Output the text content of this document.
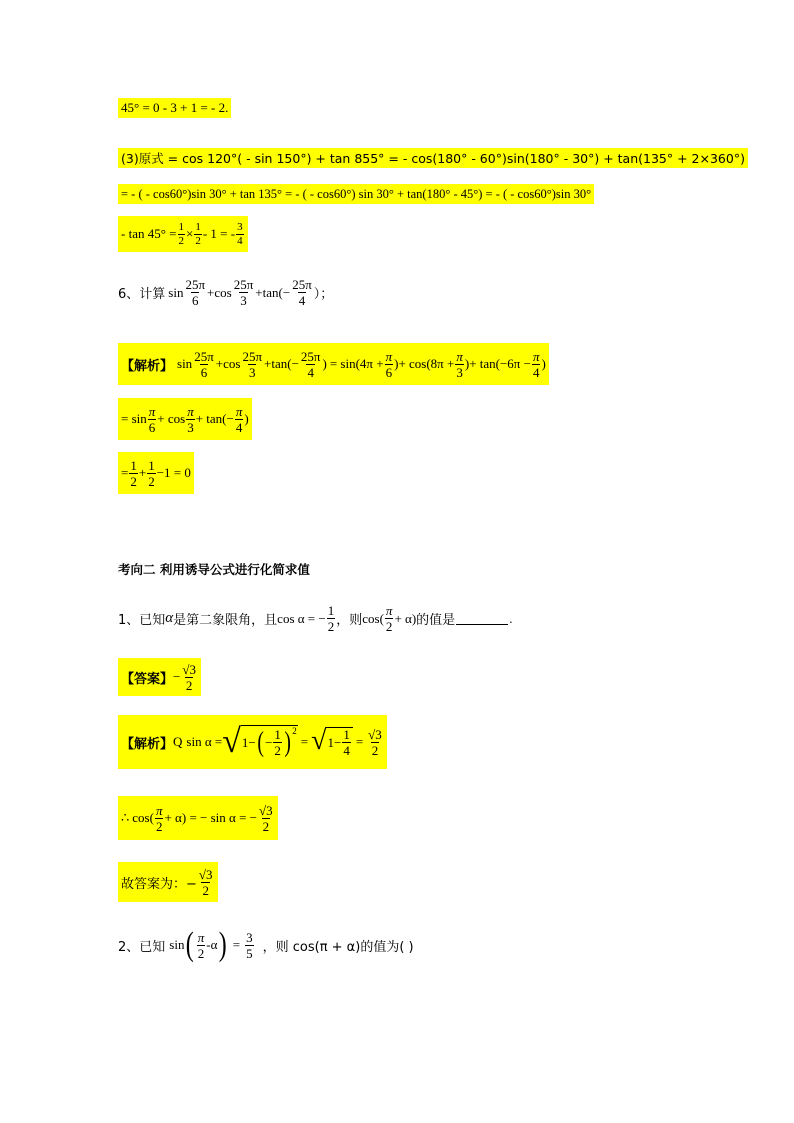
45° = 0 - 3 + 1 = - 2.
(3)原式 = cos 120°( - sin 150°) + tan 855° = - cos(180° - 60°)sin(180° - 30°) + tan(135° + 2×360°)
= - ( - cos60°)sin 30° + tan 135° = - ( - cos60°) sin 30° + tan(180° - 45°) = - ( - cos60°)sin 30°
- $\tan 45^\circ = \frac{1}{2} \times \frac{1}{2} - 1$ = - $\frac{3}{4}$
6、计算 $\sin \frac{25\pi}{6} + \cos \frac{25\pi}{3} + \tan(- \frac{25\pi}{4}$ ）；
【解析】 $\sin \frac{25\pi}{6} + \cos \frac{25\pi}{3} + \tan(- \frac{25\pi}{4}$ ) = $\sin(4\pi + \frac{\pi}{6}$ ) + $\cos(8\pi + \frac{\pi}{3}$ ) + $\tan(-6\pi - \frac{\pi}{4}$ )
= $\sin \frac{\pi}{6} + \cos \frac{\pi}{3} + \tan(- \frac{\pi}{4}$ )
= $\frac{1}{2} + \frac{1}{2} -1 = 0$
考向二 利用诱导公式进行化简求值
1、已知 α 是第二象限角，且 cos α = − $\frac{1}{2}$ ，则 $\cos( \frac{\pi}{2} + \alpha)$ 的值是	.
【答案】 − $\frac{√3}{2}$
【解析】 Q sin α = √ 1− ( − $\frac{1}{2} )^2$
= √ $1- \frac{1}{4} = \frac{√3}{2}$
∴ $\cos( \frac{\pi}{2} + \alpha)$ = − sin α = − $\frac{√3}{2}$
故答案为：− $\frac{√3}{2}$
2、已知 sin ( $\frac{\pi}{2} -\alpha$ ) = $\frac{3}{5}$ ，则 cos(π + α)的值为( )
